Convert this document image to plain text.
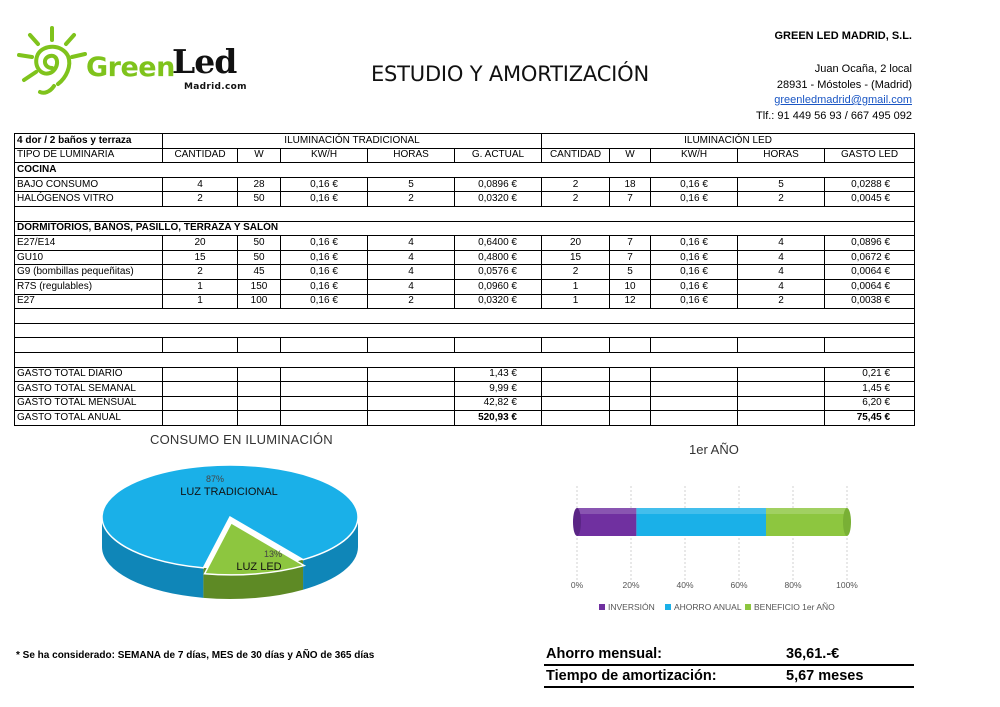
Green
Led
Madrid.com
ESTUDIO Y AMORTIZACIÓN
GREEN LED MADRID, S.L.
Juan Ocaña, 2 local
28931 - Móstoles - (Madrid)
greenledmadrid@gmail.com
Tlf.: 91 449 56 93 / 667 495 092
4 dor / 2 baños y terraza	ILUMINACIÓN TRADICIONAL					ILUMINACIÓN LED				
TIPO DE LUMINARIA	CANTIDAD	W	KW/H	HORAS	G. ACTUAL	CANTIDAD	W	KW/H	HORAS	GASTO LED
COCINA										
BAJO CONSUMO	4	28	0,16 €	5	0,0896 €	2	18	0,16 €	5	0,0288 €
HALÓGENOS VITRO	2	50	0,16 €	2	0,0320 €	2	7	0,16 €	2	0,0045 €

DORMITORIOS, BAÑOS, PASILLO, TERRAZA Y SALÓN										
E27/E14	20	50	0,16 €	4	0,6400 €	20	7	0,16 €	4	0,0896 €
GU10	15	50	0,16 €	4	0,4800 €	15	7	0,16 €	4	0,0672 €
G9 (bombillas pequeñitas)	2	45	0,16 €	4	0,0576 €	2	5	0,16 €	4	0,0064 €
R7S (regulables)	1	150	0,16 €	4	0,0960 €	1	10	0,16 €	4	0,0064 €
E27	1	100	0,16 €	2	0,0320 €	1	12	0,16 €	2	0,0038 €

GASTO TOTAL DIARIO					1,43 €					0,21 €
GASTO TOTAL SEMANAL					9,99 €					1,45 €
GASTO TOTAL MENSUAL					42,82 €					6,20 €
GASTO TOTAL ANUAL					520,93 €					75,45 €
CONSUMO EN ILUMINACIÓN
87%
LUZ TRADICIONAL
13%
LUZ LED
1er AÑO
0%	20%	40%	60%	80%	100%
INVERSIÓN AHORRO ANUAL BENEFICIO 1er AÑO
* Se ha considerado: SEMANA de 7 días, MES de 30 días y AÑO de 365 días	Ahorro mensual:	36,61.-€
Tiempo de amortización:	5,67 meses
